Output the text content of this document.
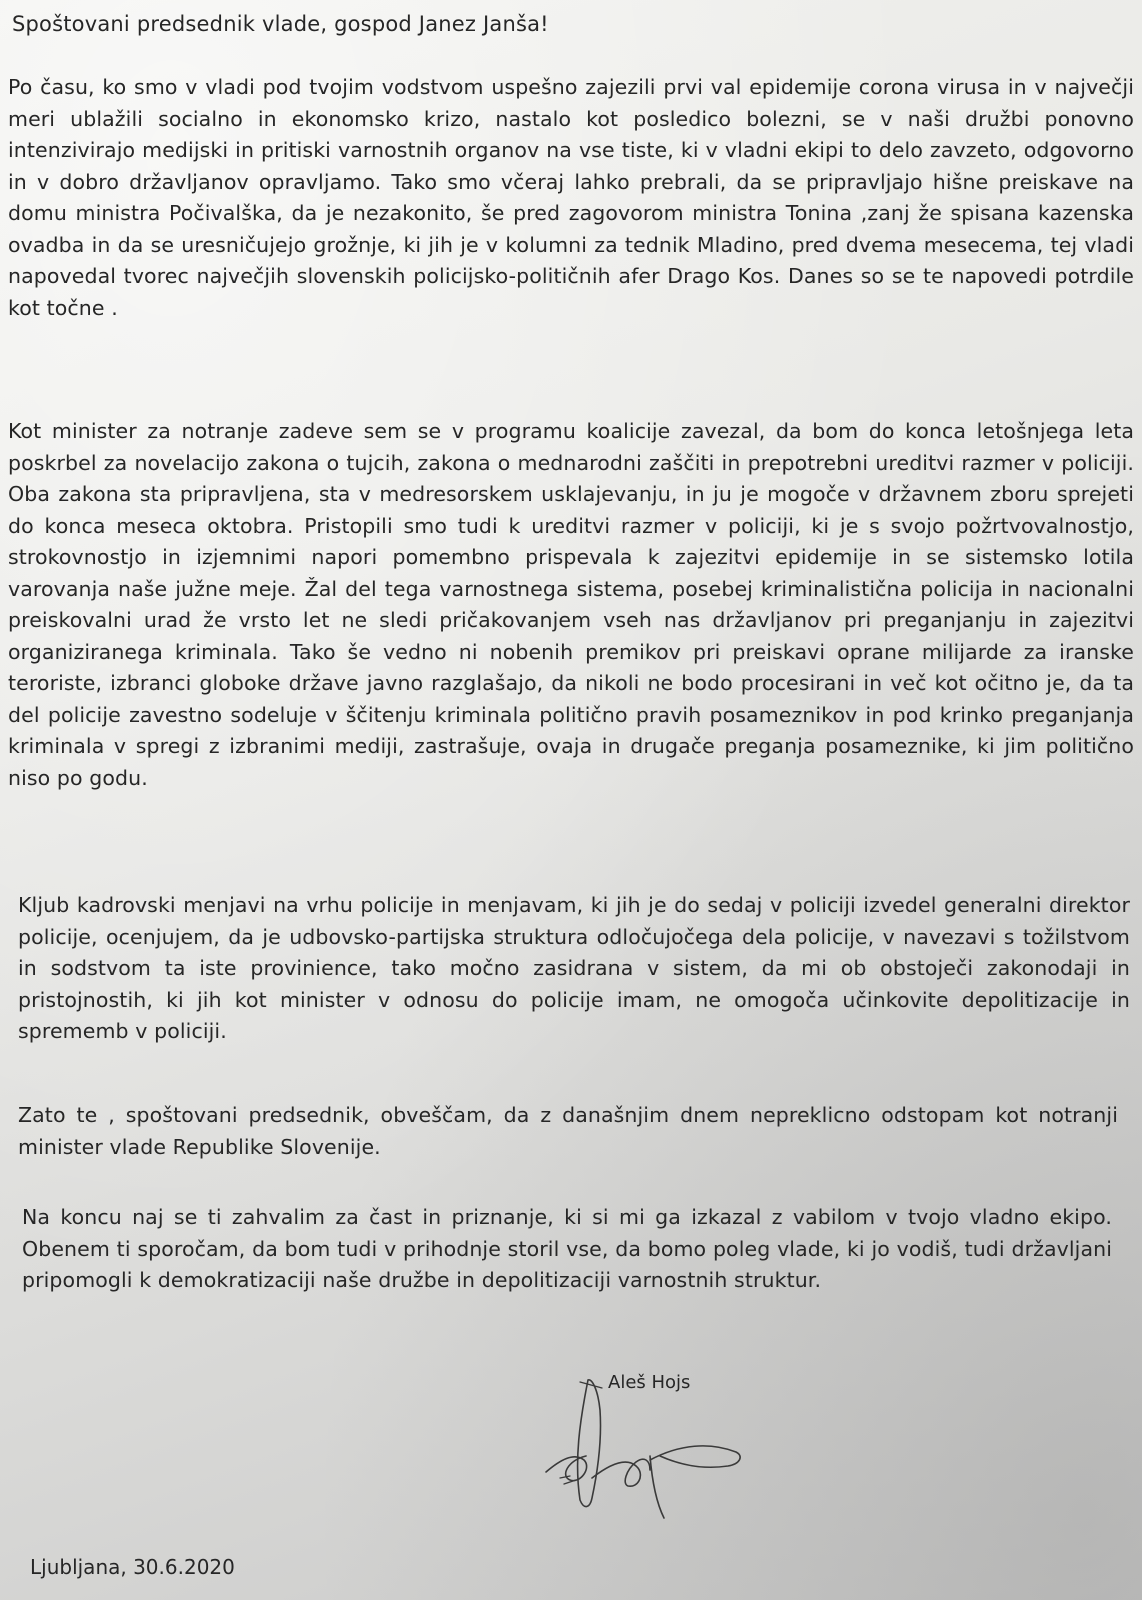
Spoštovani predsednik vlade, gospod Janez Janša!

Po času, ko smo v vladi pod tvojim vodstvom uspešno zajezili prvi val epidemije corona virusa in v največji meri ublažili socialno in ekonomsko krizo, nastalo kot posledico bolezni, se v naši družbi ponovno intenzivirajo medijski in pritiski varnostnih organov na vse tiste, ki v vladni ekipi to delo zavzeto, odgovorno in v dobro državljanov opravljamo. Tako smo včeraj lahko prebrali, da se pripravljajo hišne preiskave na domu ministra Počivalška, da je nezakonito, še pred zagovorom ministra Tonina ,zanj že spisana kazenska ovadba in da se uresničujejo grožnje, ki jih je v kolumni za tednik Mladino, pred dvema mesecema, tej vladi napovedal tvorec največjih slovenskih policijsko-političnih afer Drago Kos. Danes so se te napovedi potrdile kot točne .

Kot minister za notranje zadeve sem se v programu koalicije zavezal, da bom do konca letošnjega leta poskrbel za novelacijo zakona o tujcih, zakona o mednarodni zaščiti in prepotrebni ureditvi razmer v policiji. Oba zakona sta pripravljena, sta v medresorskem usklajevanju, in ju je mogoče v državnem zboru sprejeti do konca meseca oktobra. Pristopili smo tudi k ureditvi razmer v policiji, ki je s svojo požrtvovalnostjo, strokovnostjo in izjemnimi napori pomembno prispevala k zajezitvi epidemije in se sistemsko lotila varovanja naše južne meje. Žal del tega varnostnega sistema, posebej kriminalistična policija in nacionalni preiskovalni urad že vrsto let ne sledi pričakovanjem vseh nas državljanov pri preganjanju in zajezitvi organiziranega kriminala. Tako še vedno ni nobenih premikov pri preiskavi oprane milijarde za iranske teroriste, izbranci globoke države javno razglašajo, da nikoli ne bodo procesirani in več kot očitno je, da ta del policije zavestno sodeluje v ščitenju kriminala politično pravih posameznikov in pod krinko preganjanja kriminala v spregi z izbranimi mediji, zastrašuje, ovaja in drugače preganja posameznike, ki jim politično niso po godu.

Kljub kadrovski menjavi na vrhu policije in menjavam, ki jih je do sedaj v policiji izvedel generalni direktor policije, ocenjujem, da je udbovsko-partijska struktura odločujočega dela policije, v navezavi s tožilstvom in sodstvom ta iste provinience, tako močno zasidrana v sistem, da mi ob obstoječi zakonodaji in pristojnostih, ki jih kot minister v odnosu do policije imam, ne omogoča učinkovite depolitizacije in sprememb v policiji.

Zato te , spoštovani predsednik, obveščam, da z današnjim dnem nepreklicno odstopam kot notranji minister vlade Republike Slovenije.

Na koncu naj se ti zahvalim za čast in priznanje, ki si mi ga izkazal z vabilom v tvojo vladno ekipo. Obenem ti sporočam, da bom tudi v prihodnje storil vse, da bomo poleg vlade, ki jo vodiš, tudi državljani pripomogli k demokratizaciji naše družbe in depolitizaciji varnostnih struktur.

Aleš Hojs
Ljubljana, 30.6.2020
